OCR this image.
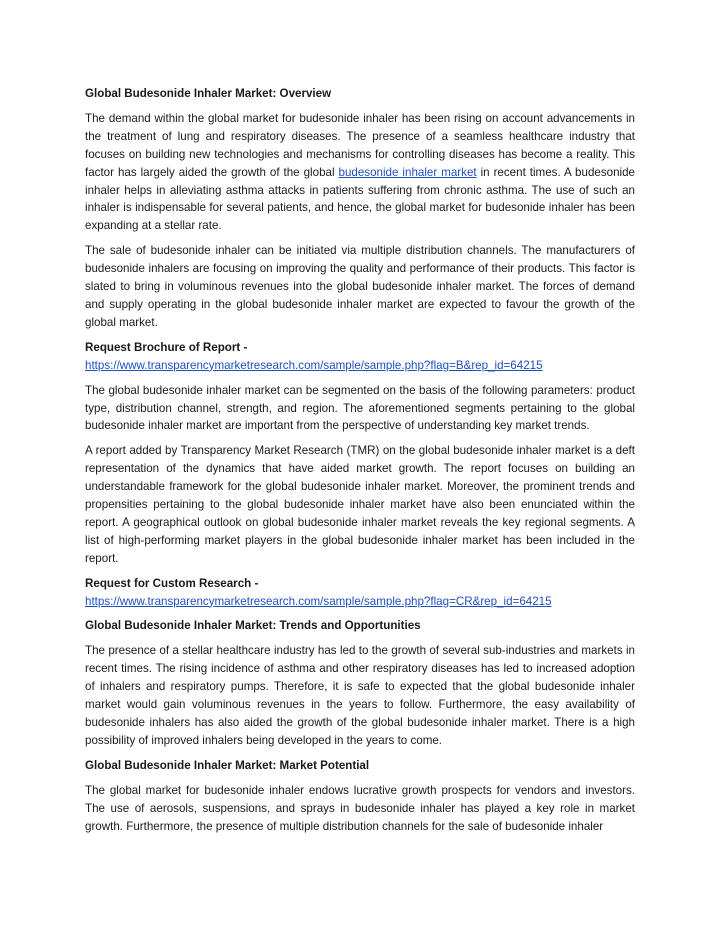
Global Budesonide Inhaler Market: Overview

The demand within the global market for budesonide inhaler has been rising on account advancements in the treatment of lung and respiratory diseases. The presence of a seamless healthcare industry that focuses on building new technologies and mechanisms for controlling diseases has become a reality. This factor has largely aided the growth of the global budesonide inhaler market in recent times. A budesonide inhaler helps in alleviating asthma attacks in patients suffering from chronic asthma. The use of such an inhaler is indispensable for several patients, and hence, the global market for budesonide inhaler has been expanding at a stellar rate.

The sale of budesonide inhaler can be initiated via multiple distribution channels. The manufacturers of budesonide inhalers are focusing on improving the quality and performance of their products. This factor is slated to bring in voluminous revenues into the global budesonide inhaler market. The forces of demand and supply operating in the global budesonide inhaler market are expected to favour the growth of the global market.

Request Brochure of Report -
https://www.transparencymarketresearch.com/sample/sample.php?flag=B&rep_id=64215

The global budesonide inhaler market can be segmented on the basis of the following parameters: product type, distribution channel, strength, and region. The aforementioned segments pertaining to the global budesonide inhaler market are important from the perspective of understanding key market trends.

A report added by Transparency Market Research (TMR) on the global budesonide inhaler market is a deft representation of the dynamics that have aided market growth. The report focuses on building an understandable framework for the global budesonide inhaler market. Moreover, the prominent trends and propensities pertaining to the global budesonide inhaler market have also been enunciated within the report. A geographical outlook on global budesonide inhaler market reveals the key regional segments. A list of high-performing market players in the global budesonide inhaler market has been included in the report.

Request for Custom Research -
https://www.transparencymarketresearch.com/sample/sample.php?flag=CR&rep_id=64215
Global Budesonide Inhaler Market: Trends and Opportunities

The presence of a stellar healthcare industry has led to the growth of several sub-industries and markets in recent times. The rising incidence of asthma and other respiratory diseases has led to increased adoption of inhalers and respiratory pumps. Therefore, it is safe to expected that the global budesonide inhaler market would gain voluminous revenues in the years to follow. Furthermore, the easy availability of budesonide inhalers has also aided the growth of the global budesonide inhaler market. There is a high possibility of improved inhalers being developed in the years to come.

Global Budesonide Inhaler Market: Market Potential

The global market for budesonide inhaler endows lucrative growth prospects for vendors and investors. The use of aerosols, suspensions, and sprays in budesonide inhaler has played a key role in market growth. Furthermore, the presence of multiple distribution channels for the sale of budesonide inhaler
